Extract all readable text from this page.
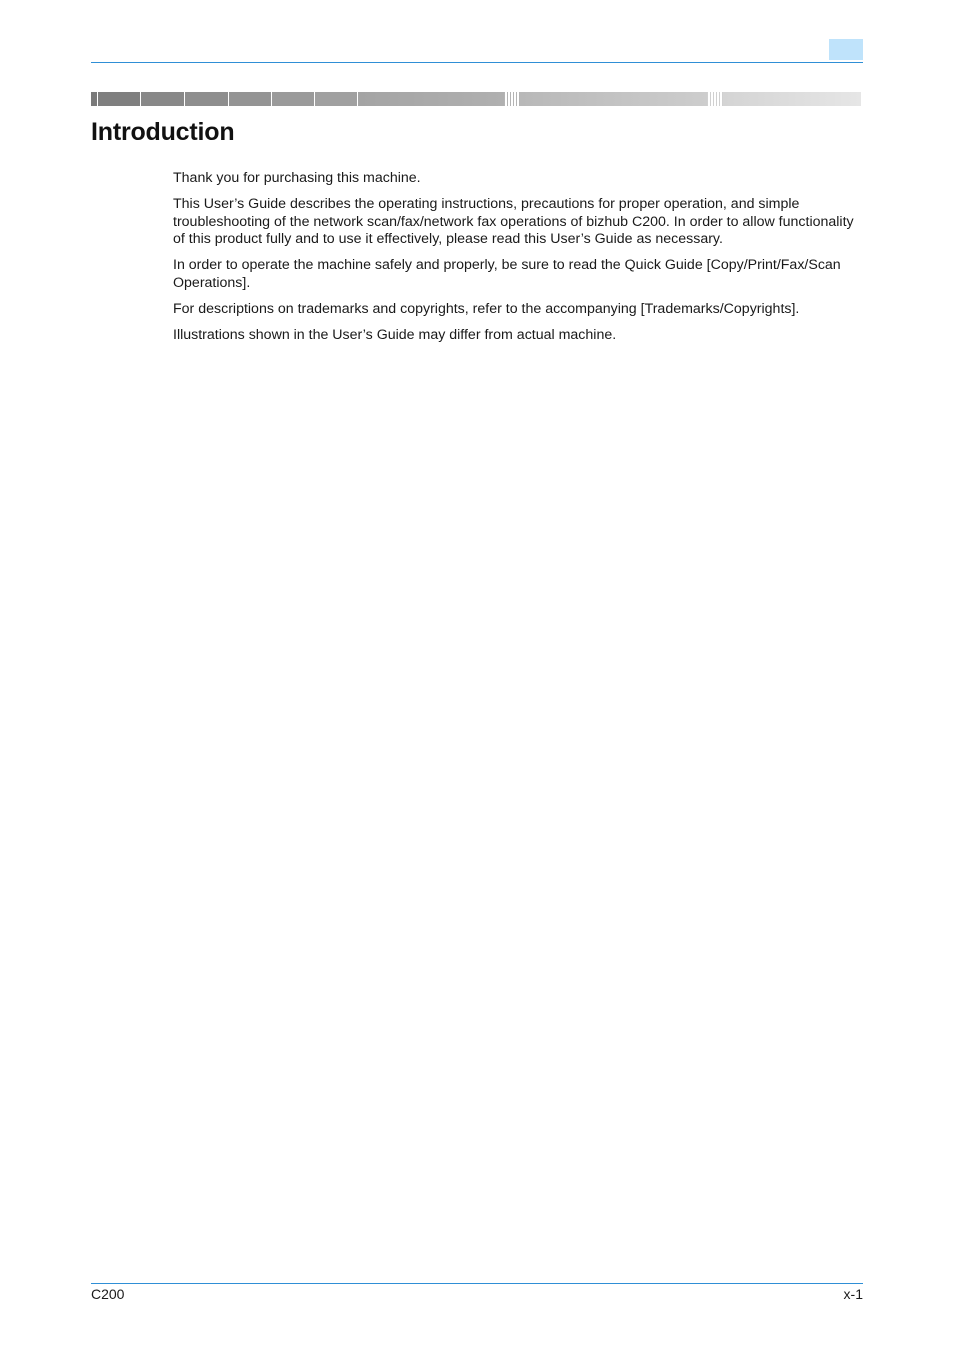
Introduction

Thank you for purchasing this machine.

This User’s Guide describes the operating instructions, precautions for proper operation, and simple troubleshooting of the network scan/fax/network fax operations of bizhub C200. In order to allow functionality of this product fully and to use it effectively, please read this User’s Guide as necessary.

In order to operate the machine safely and properly, be sure to read the Quick Guide [Copy/Print/Fax/Scan Operations].

For descriptions on trademarks and copyrights, refer to the accompanying [Trademarks/Copyrights].

Illustrations shown in the User’s Guide may differ from actual machine.

C200	x-1
